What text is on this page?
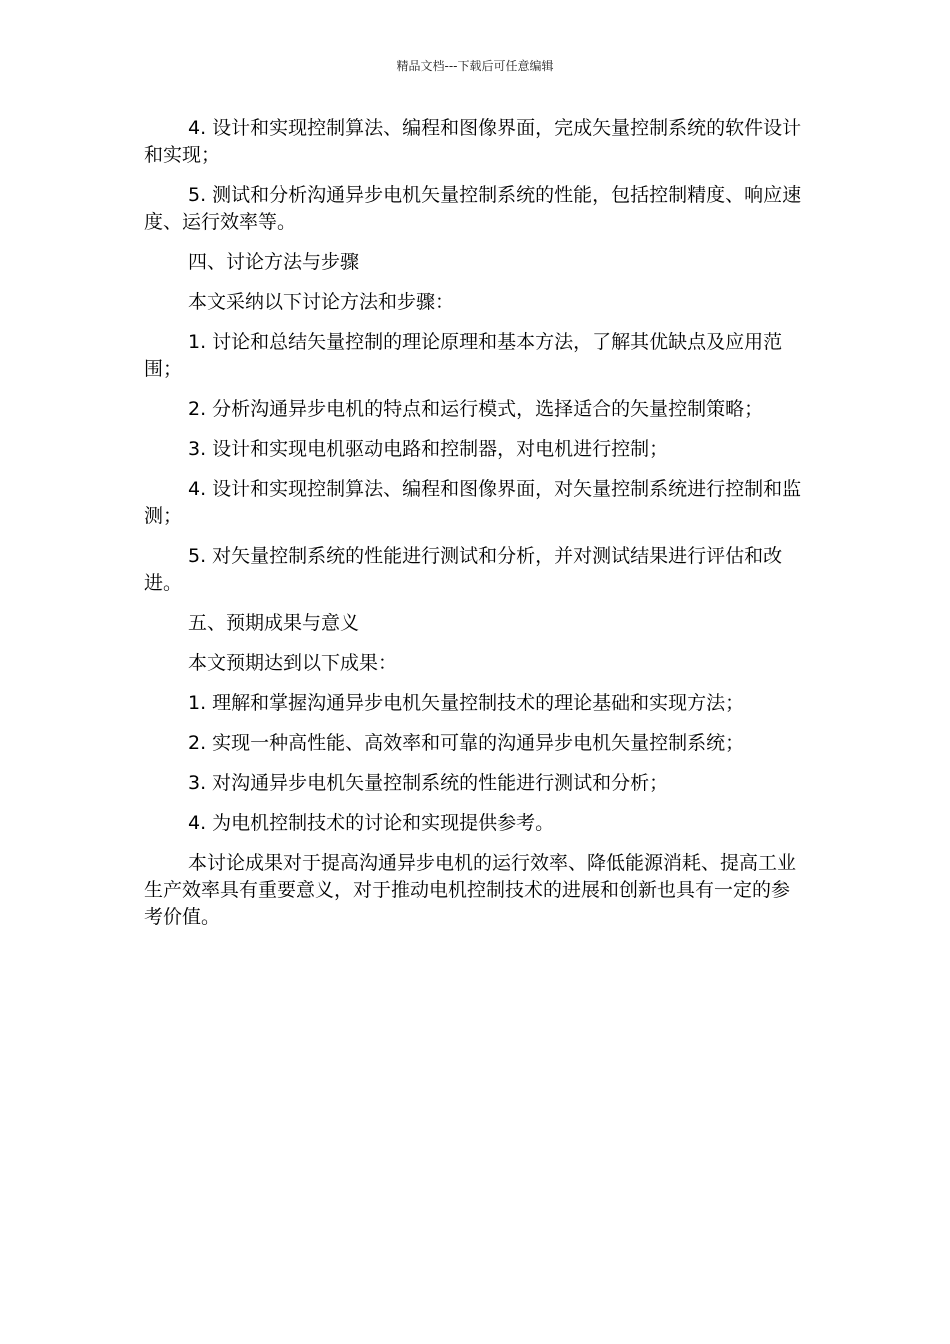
精品文档---下载后可任意编辑

4. 设计和实现控制算法、编程和图像界面，完成矢量控制系统的软件设计和实现；

5. 测试和分析沟通异步电机矢量控制系统的性能，包括控制精度、响应速度、运行效率等。

四、讨论方法与步骤

本文采纳以下讨论方法和步骤：

1. 讨论和总结矢量控制的理论原理和基本方法，了解其优缺点及应用范围；

2. 分析沟通异步电机的特点和运行模式，选择适合的矢量控制策略；

3. 设计和实现电机驱动电路和控制器，对电机进行控制；

4. 设计和实现控制算法、编程和图像界面，对矢量控制系统进行控制和监测；

5. 对矢量控制系统的性能进行测试和分析，并对测试结果进行评估和改进。

五、预期成果与意义

本文预期达到以下成果：

1. 理解和掌握沟通异步电机矢量控制技术的理论基础和实现方法；

2. 实现一种高性能、高效率和可靠的沟通异步电机矢量控制系统；

3. 对沟通异步电机矢量控制系统的性能进行测试和分析；

4. 为电机控制技术的讨论和实现提供参考。

本讨论成果对于提高沟通异步电机的运行效率、降低能源消耗、提高工业生产效率具有重要意义，对于推动电机控制技术的进展和创新也具有一定的参考价值。
